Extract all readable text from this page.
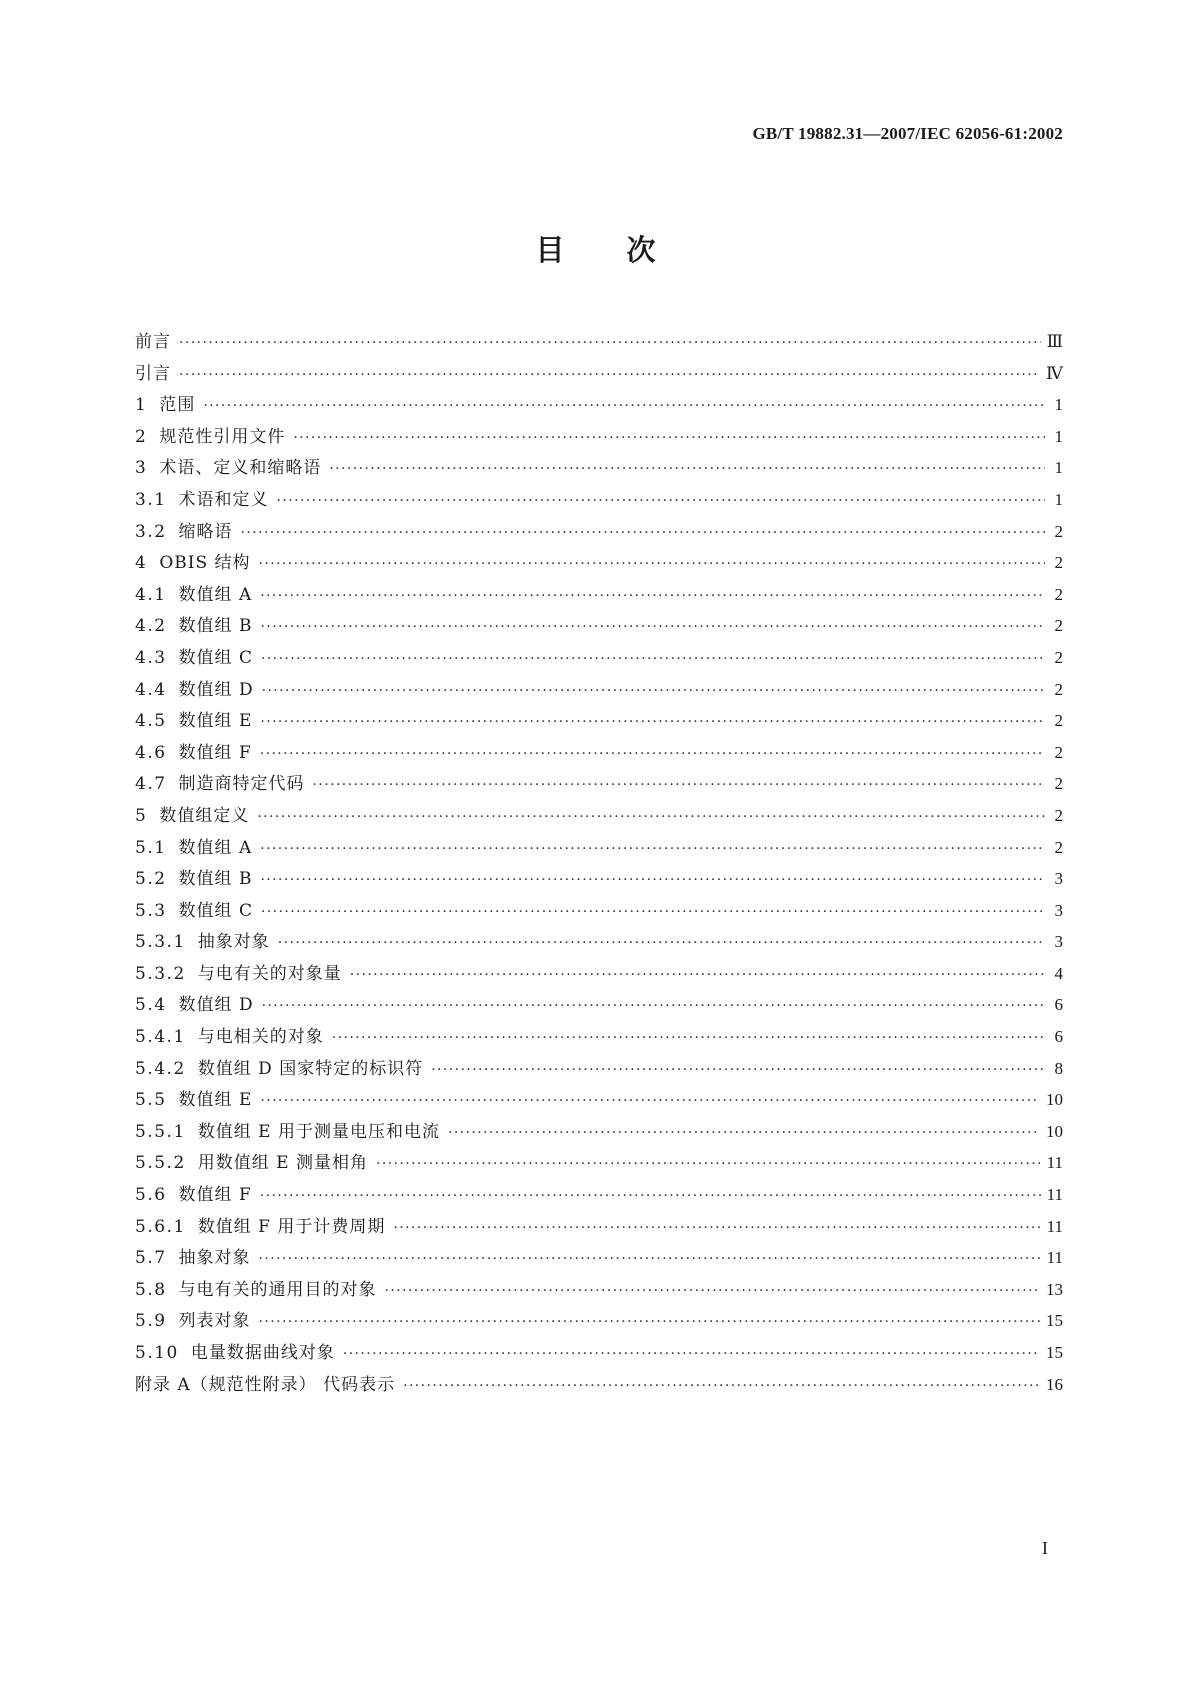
GB/T 19882.31—2007/IEC 62056-61:2002
目次
前言 ·····	Ⅲ
引言 ·····	Ⅳ
1 范围 ·····	1
2 规范性引用文件 ·····	1
3 术语、定义和缩略语 ·····	1
3.1 术语和定义 ·····	1
3.2 缩略语 ·····	2
4 OBIS 结构 ·····	2
4.1 数值组 A ·····	2
4.2 数值组 B ·····	2
4.3 数值组 C ·····	2
4.4 数值组 D ·····	2
4.5 数值组 E ·····	2
4.6 数值组 F ·····	2
4.7 制造商特定代码 ·····	2
5 数值组定义 ·····	2
5.1 数值组 A ·····	2
5.2 数值组 B ·····	3
5.3 数值组 C ·····	3
5.3.1 抽象对象 ·····	3
5.3.2 与电有关的对象量 ·····	4
5.4 数值组 D ·····	6
5.4.1 与电相关的对象 ·····	6
5.4.2 数值组 D 国家特定的标识符 ·····	8
5.5 数值组 E ·····	10
5.5.1 数值组 E 用于测量电压和电流 ·····	10
5.5.2 用数值组 E 测量相角 ·····	11
5.6 数值组 F ·····	11
5.6.1 数值组 F 用于计费周期 ·····	11
5.7 抽象对象 ·····	11
5.8 与电有关的通用目的对象 ·····	13
5.9 列表对象 ·····	15
5.10 电量数据曲线对象 ·····	15
附录 A（规范性附录） 代码表示 ·····	16
I
